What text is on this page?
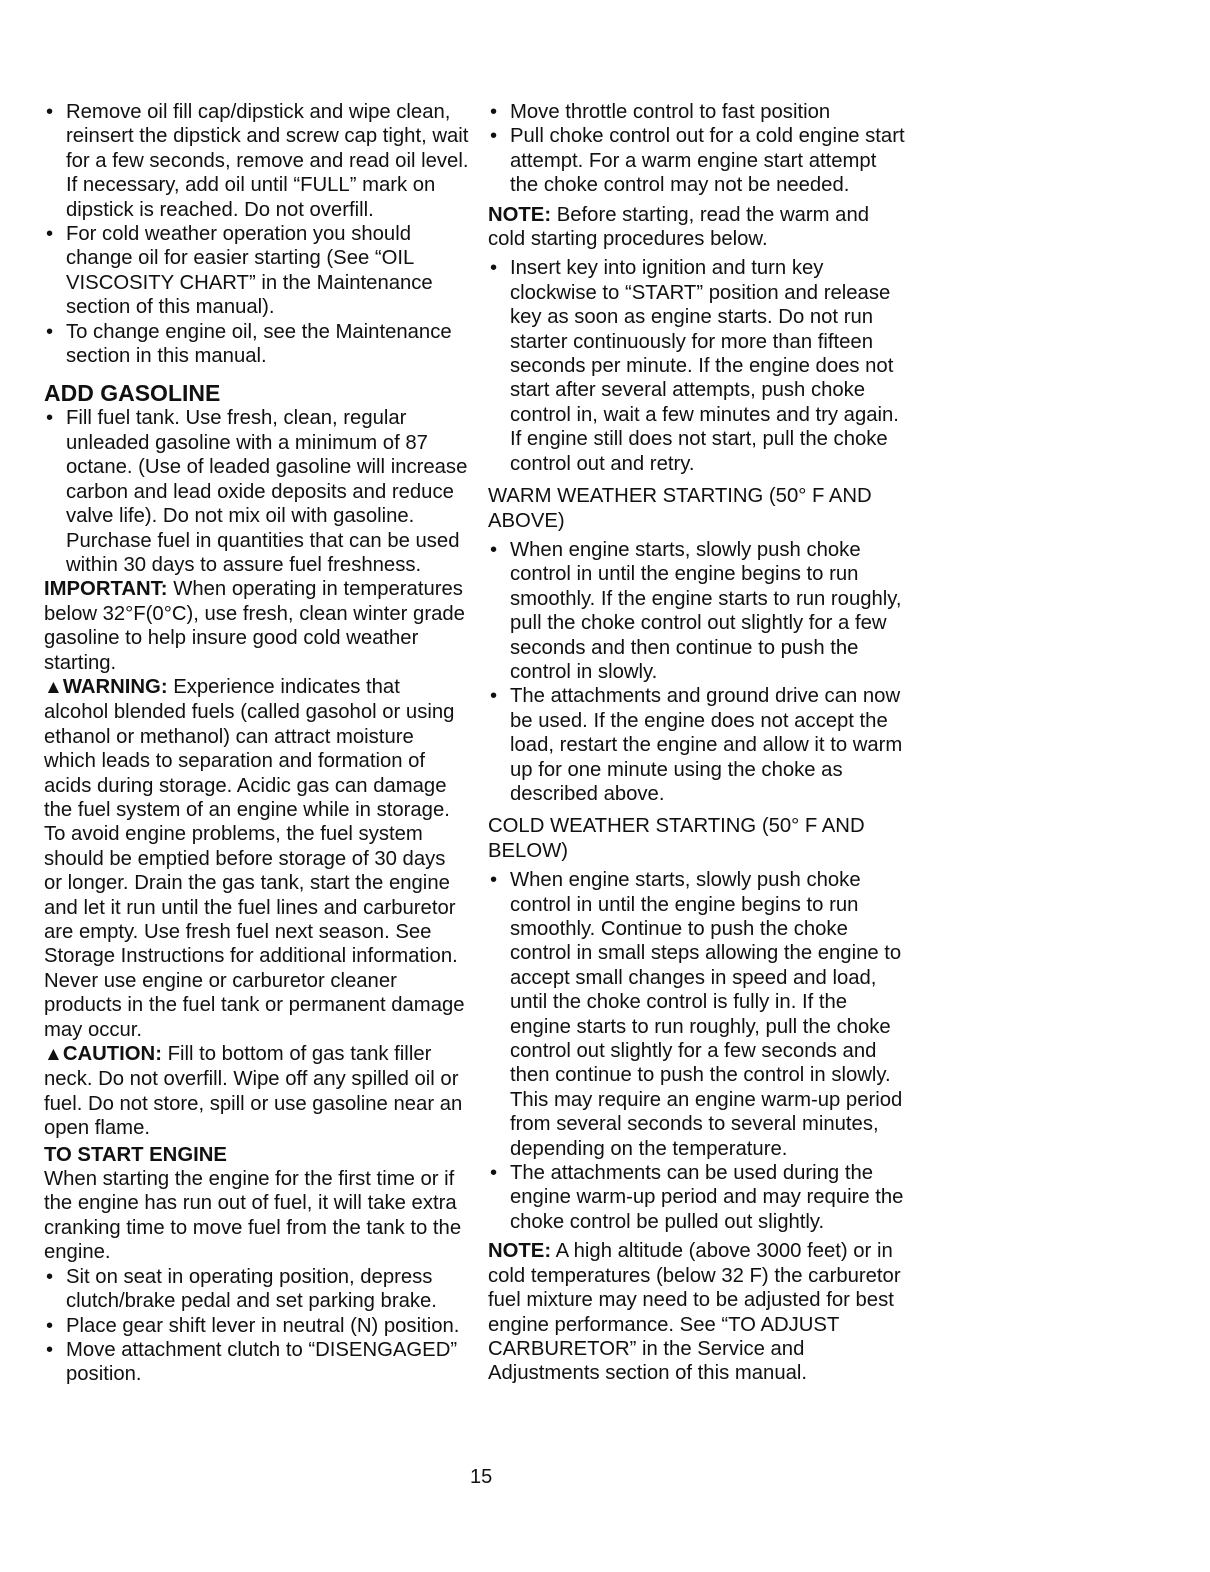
• Remove oil fill cap/dipstick and wipe clean, reinsert the dipstick and screw cap tight, wait for a few seconds, remove and read oil level. If necessary, add oil until “FULL” mark on dipstick is reached. Do not overfill.
• For cold weather operation you should change oil for easier starting (See “OIL VISCOSITY CHART” in the Maintenance section of this manual).
• To change engine oil, see the Maintenance section in this manual.
ADD GASOLINE
• Fill fuel tank. Use fresh, clean, regular unleaded gasoline with a minimum of 87 octane. (Use of leaded gasoline will increase carbon and lead oxide deposits and reduce valve life). Do not mix oil with gasoline. Purchase fuel in quantities that can be used within 30 days to assure fuel freshness.

IMPORTANT: When operating in temperatures below 32°F(0°C), use fresh, clean winter grade gasoline to help insure good cold weather starting.

▲WARNING: Experience indicates that alcohol blended fuels (called gasohol or using ethanol or methanol) can attract moisture which leads to separation and formation of acids during storage. Acidic gas can damage the fuel system of an engine while in storage. To avoid engine problems, the fuel system should be emptied before storage of 30 days or longer. Drain the gas tank, start the engine and let it run until the fuel lines and carburetor are empty. Use fresh fuel next season. See Storage Instructions for additional information. Never use engine or carburetor cleaner products in the fuel tank or permanent damage may occur.

▲CAUTION: Fill to bottom of gas tank filler neck. Do not overfill. Wipe off any spilled oil or fuel. Do not store, spill or use gasoline near an open flame.

TO START ENGINE

When starting the engine for the first time or if the engine has run out of fuel, it will take extra cranking time to move fuel from the tank to the engine.

• Sit on seat in operating position, depress clutch/brake pedal and set parking brake.
• Place gear shift lever in neutral (N) position.
• Move attachment clutch to “DISENGAGED” position.
• Move throttle control to fast position
• Pull choke control out for a cold engine start attempt. For a warm engine start attempt the choke control may not be needed.

NOTE: Before starting, read the warm and cold starting procedures below.

• Insert key into ignition and turn key clockwise to “START” position and release key as soon as engine starts. Do not run starter continuously for more than fifteen seconds per minute. If the engine does not start after several attempts, push choke control in, wait a few minutes and try again. If engine still does not start, pull the choke control out and retry.

WARM WEATHER STARTING (50° F AND ABOVE)

• When engine starts, slowly push choke control in until the engine begins to run smoothly. If the engine starts to run roughly, pull the choke control out slightly for a few seconds and then continue to push the control in slowly.
• The attachments and ground drive can now be used. If the engine does not accept the load, restart the engine and allow it to warm up for one minute using the choke as described above.

COLD WEATHER STARTING (50° F AND BELOW)

• When engine starts, slowly push choke control in until the engine begins to run smoothly. Continue to push the choke control in small steps allowing the engine to accept small changes in speed and load, until the choke control is fully in. If the engine starts to run roughly, pull the choke control out slightly for a few seconds and then continue to push the control in slowly. This may require an engine warm-up period from several seconds to several minutes, depending on the temperature.
• The attachments can be used during the engine warm-up period and may require the choke control be pulled out slightly.

NOTE: A high altitude (above 3000 feet) or in cold temperatures (below 32 F) the carburetor fuel mixture may need to be adjusted for best engine performance. See “TO ADJUST CARBURETOR” in the Service and Adjustments section of this manual.

15
